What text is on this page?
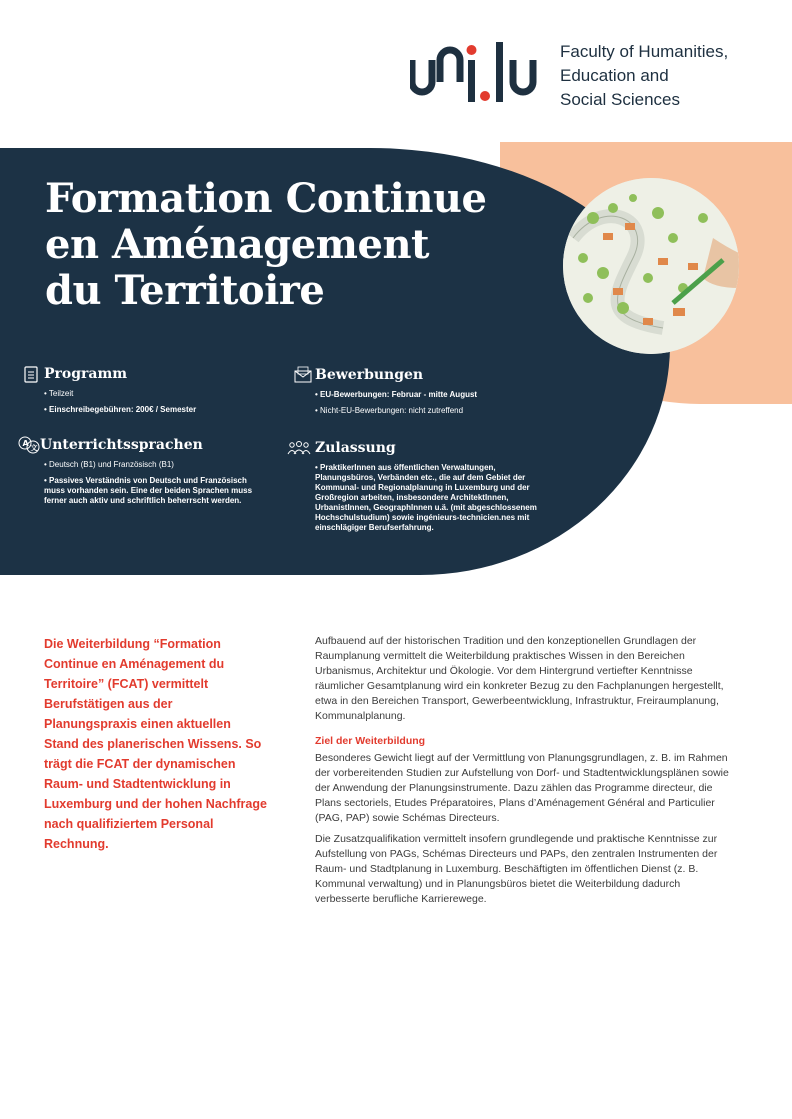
Faculty of Humanities,
Education and
Social Sciences
Formation Continue
en Aménagement
du Territoire
Programm
• Teilzeit
• Einschreibegebühren: 200€ / Semester
A 文 Unterrichtssprachen
• Deutsch (B1) und Französisch (B1)
• Passives Verständnis von Deutsch und Französisch muss vorhanden sein. Eine der beiden Sprachen muss ferner auch aktiv und schriftlich beherrscht werden.
Bewerbungen
• EU-Bewerbungen: Februar - mitte August
• Nicht-EU-Bewerbungen: nicht zutreffend
Zulassung
• PraktikerInnen aus öffentlichen Verwaltungen, Planungsbüros, Verbänden etc., die auf dem Gebiet der Kommunal- und Regionalplanung in Luxemburg und der Großregion arbeiten, insbesondere ArchitektInnen, UrbanistInnen, GeographInnen u.ä. (mit abgeschlossenem Hochschulstudium) sowie ingénieurs-technicien.nes mit einschlägiger Berufserfahrung.
Die Weiterbildung “Formation Continue en Aménagement du Territoire” (FCAT) vermittelt Berufstätigen aus der Planungspraxis einen aktuellen Stand des planerischen Wissens. So trägt die FCAT der dynamischen Raum- und Stadtentwicklung in Luxemburg und der hohen Nachfrage nach qualifiziertem Personal Rechnung.

Aufbauend auf der historischen Tradition und den konzeptionellen Grundlagen der Raumplanung vermittelt die Weiterbildung praktisches Wissen in den Bereichen Urbanismus, Architektur und Ökologie. Vor dem Hintergrund vertiefter Kenntnisse räumlicher Gesamtplanung wird ein konkreter Bezug zu den Fachplanungen hergestellt, etwa in den Bereichen Transport, Gewerbeentwicklung, Infrastruktur, Freiraumplanung, Kommunalplanung.

Ziel der Weiterbildung

Besonderes Gewicht liegt auf der Vermittlung von Planungsgrundlagen, z. B. im Rahmen der vorbereitenden Studien zur Aufstellung von Dorf- und Stadtentwicklungsplänen sowie der Anwendung der Planungsinstrumente. Dazu zählen das Programme directeur, die Plans sectoriels, Etudes Préparatoires, Plans d’Aménagement Général and Particulier (PAG, PAP) sowie Schémas Directeurs.

Die Zusatzqualifikation vermittelt insofern grundlegende und praktische Kenntnisse zur Aufstellung von PAGs, Schémas Directeurs und PAPs, den zentralen Instrumenten der Raum- und Stadtplanung in Luxemburg. Beschäftigten im öffentlichen Dienst (z. B. Kommunal verwaltung) und in Planungsbüros bietet die Weiterbildung dadurch verbesserte berufliche Karrierewege.
